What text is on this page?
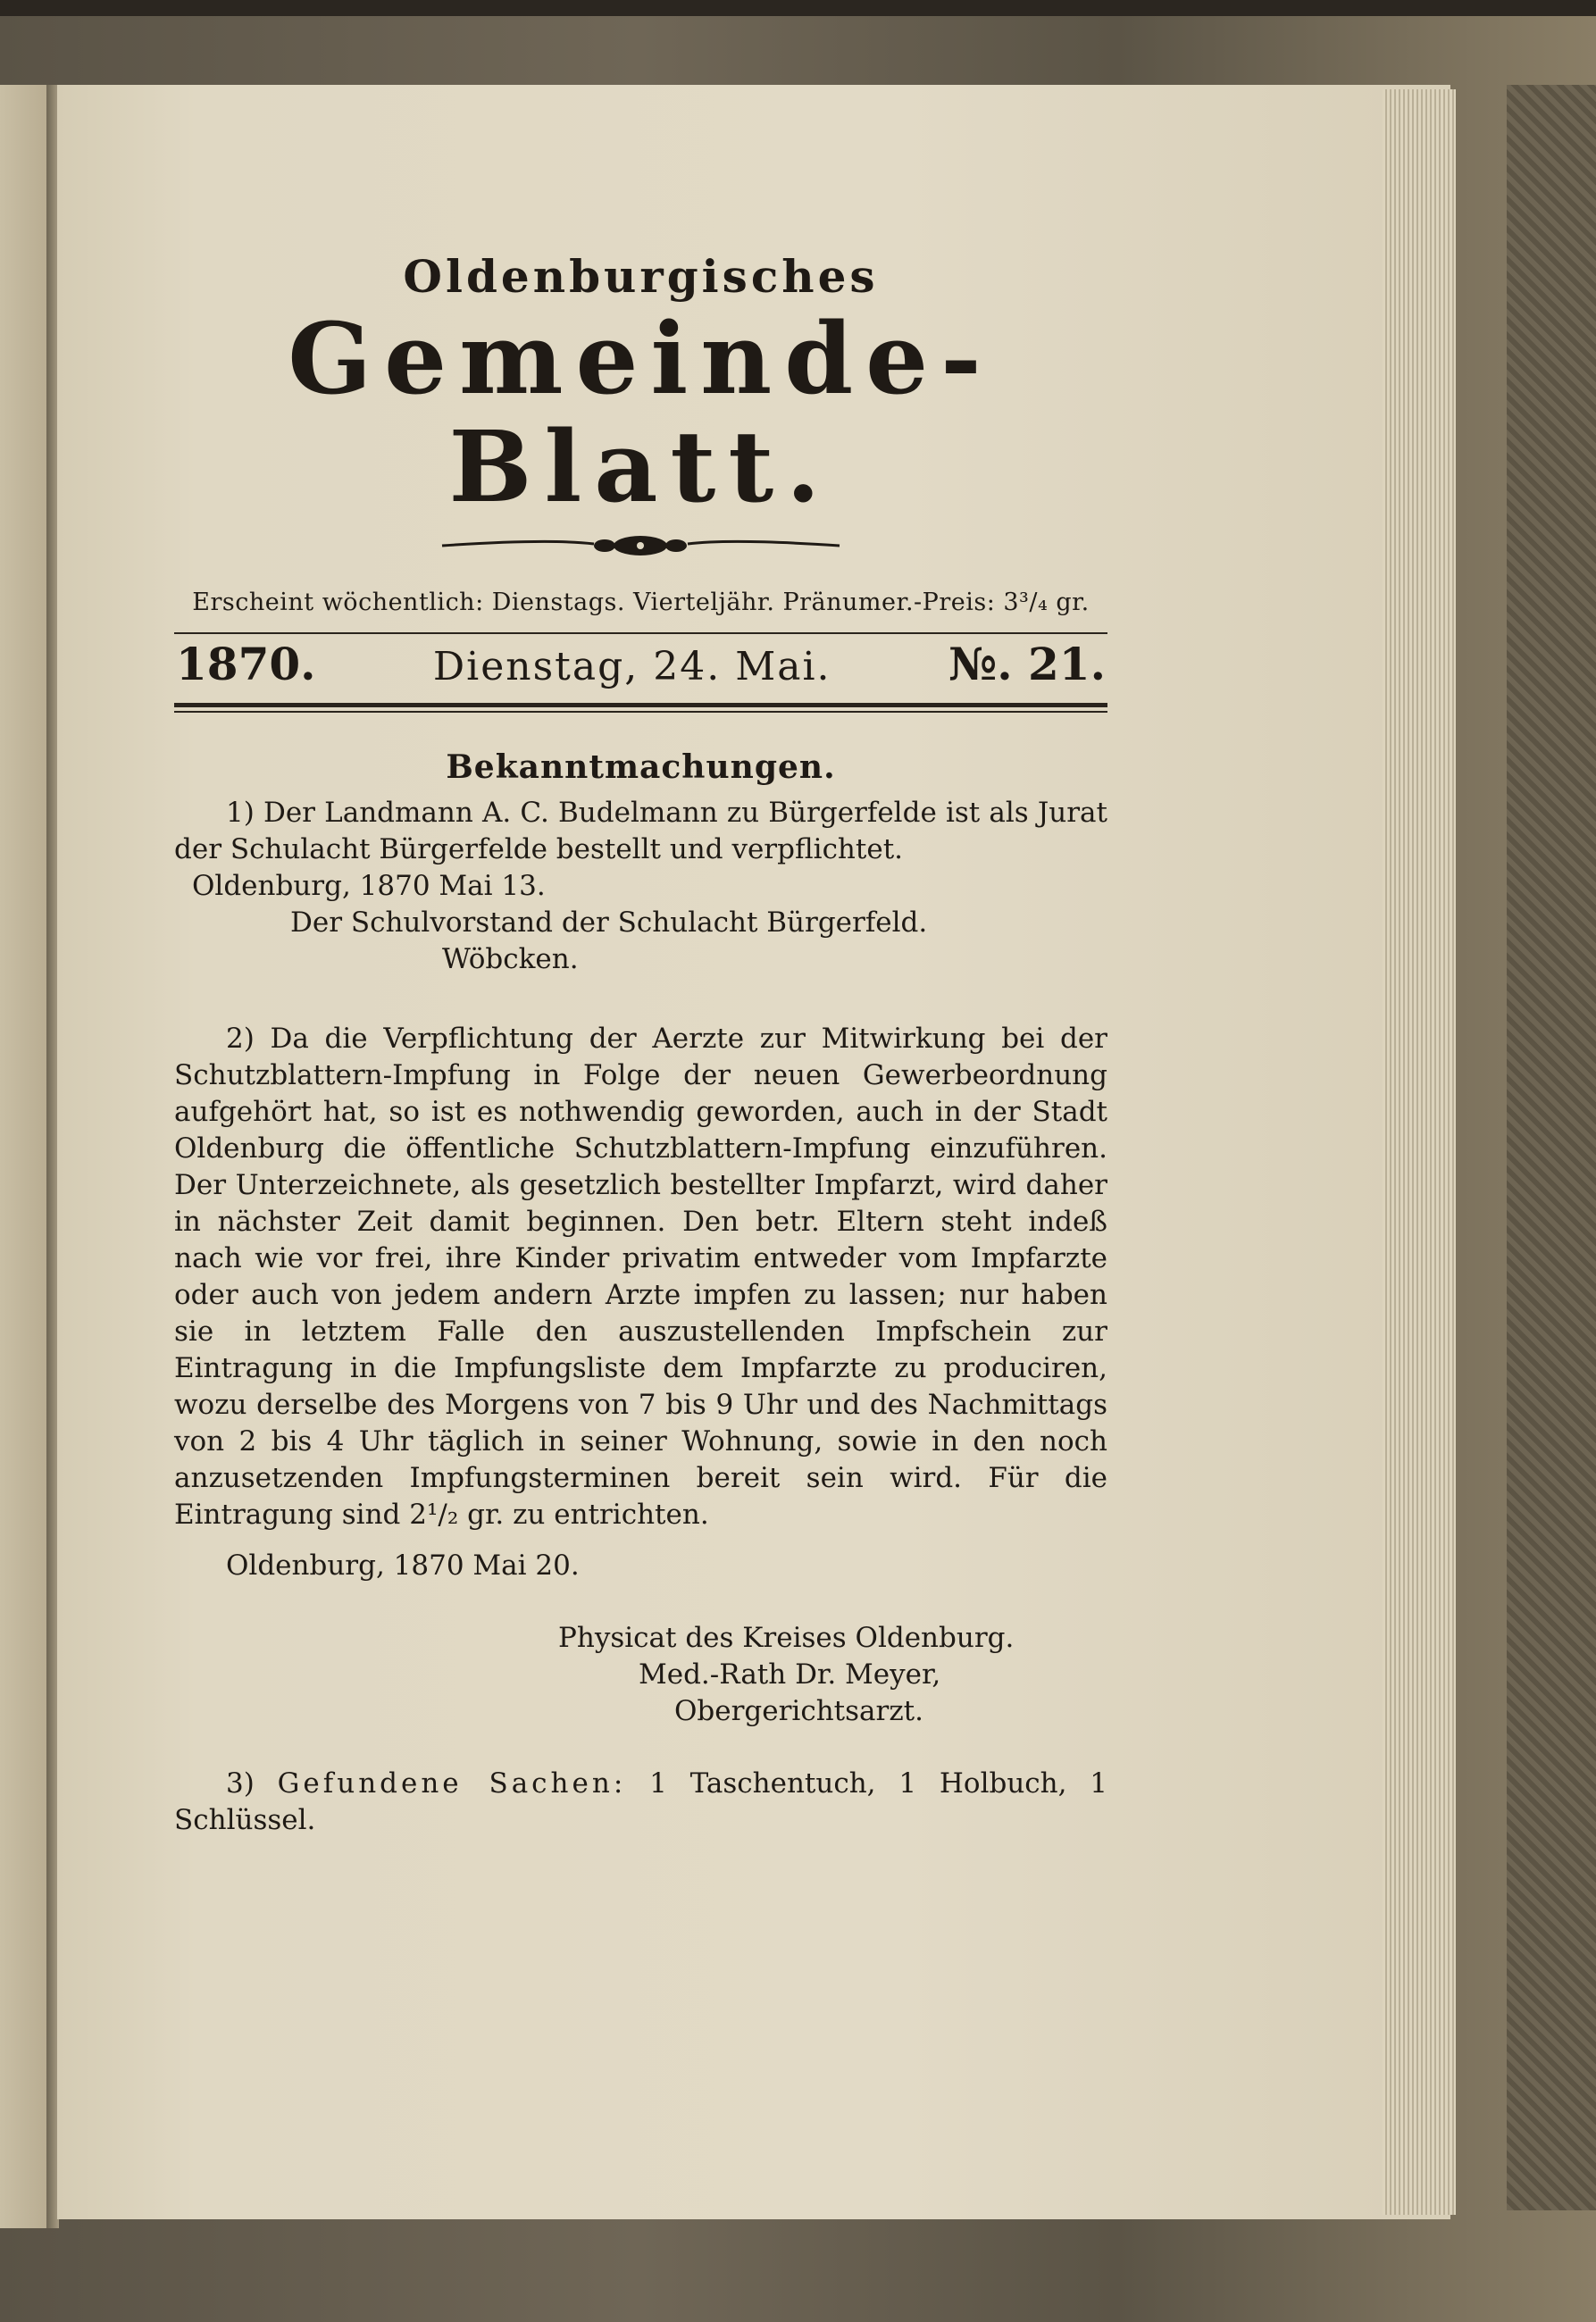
Oldenburgisches
Gemeinde-Blatt.
Erscheint wöchentlich: Dienstags. Vierteljähr. Pränumer.-Preis: 3³/₄ gr.
1870.	Dienstag, 24. Mai.	№. 21.
Bekanntmachungen.

1) Der Landmann A. C. Budelmann zu Bürgerfelde ist als Jurat der Schulacht Bürgerfelde bestellt und verpflichtet.

Oldenburg, 1870 Mai 13.

Der Schulvorstand der Schulacht Bürgerfeld.

Wöbcken.

2) Da die Verpflichtung der Aerzte zur Mitwirkung bei der Schutzblattern-Impfung in Folge der neuen Gewerbeordnung aufgehört hat, so ist es nothwendig geworden, auch in der Stadt Oldenburg die öffentliche Schutzblattern-Impfung einzuführen. Der Unterzeichnete, als gesetzlich bestellter Impfarzt, wird daher in nächster Zeit damit beginnen. Den betr. Eltern steht indeß nach wie vor frei, ihre Kinder privatim entweder vom Impfarzte oder auch von jedem andern Arzte impfen zu lassen; nur haben sie in letztem Falle den auszustellenden Impfschein zur Eintragung in die Impfungsliste dem Impfarzte zu produciren, wozu derselbe des Morgens von 7 bis 9 Uhr und des Nachmittags von 2 bis 4 Uhr täglich in seiner Wohnung, sowie in den noch anzusetzenden Impfungsterminen bereit sein wird. Für die Eintragung sind 2¹/₂ gr. zu entrichten.

Oldenburg, 1870 Mai 20.

Physicat des Kreises Oldenburg.

Med.-Rath Dr. Meyer,

Obergerichtsarzt.

3) Gefundene Sachen: 1 Taschentuch, 1 Holbuch, 1 Schlüssel.
